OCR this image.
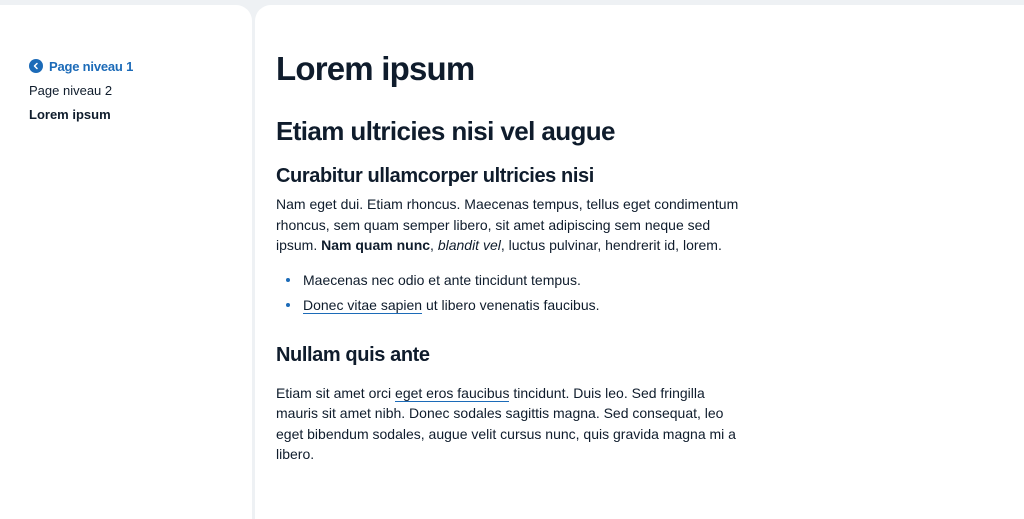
Page niveau 1
Page niveau 2
Lorem ipsum
Lorem ipsum
Etiam ultricies nisi vel augue
Curabitur ullamcorper ultricies nisi

Nam eget dui. Etiam rhoncus. Maecenas tempus, tellus eget condimentum rhoncus, sem quam semper libero, sit amet adipiscing sem neque sed ipsum. Nam quam nunc, blandit vel, luctus pulvinar, hendrerit id, lorem.

Maecenas nec odio et ante tincidunt tempus.
Donec vitae sapien ut libero venenatis faucibus.
Nullam quis ante

Etiam sit amet orci eget eros faucibus tincidunt. Duis leo. Sed fringilla mauris sit amet nibh. Donec sodales sagittis magna. Sed consequat, leo eget bibendum sodales, augue velit cursus nunc, quis gravida magna mi a libero.
